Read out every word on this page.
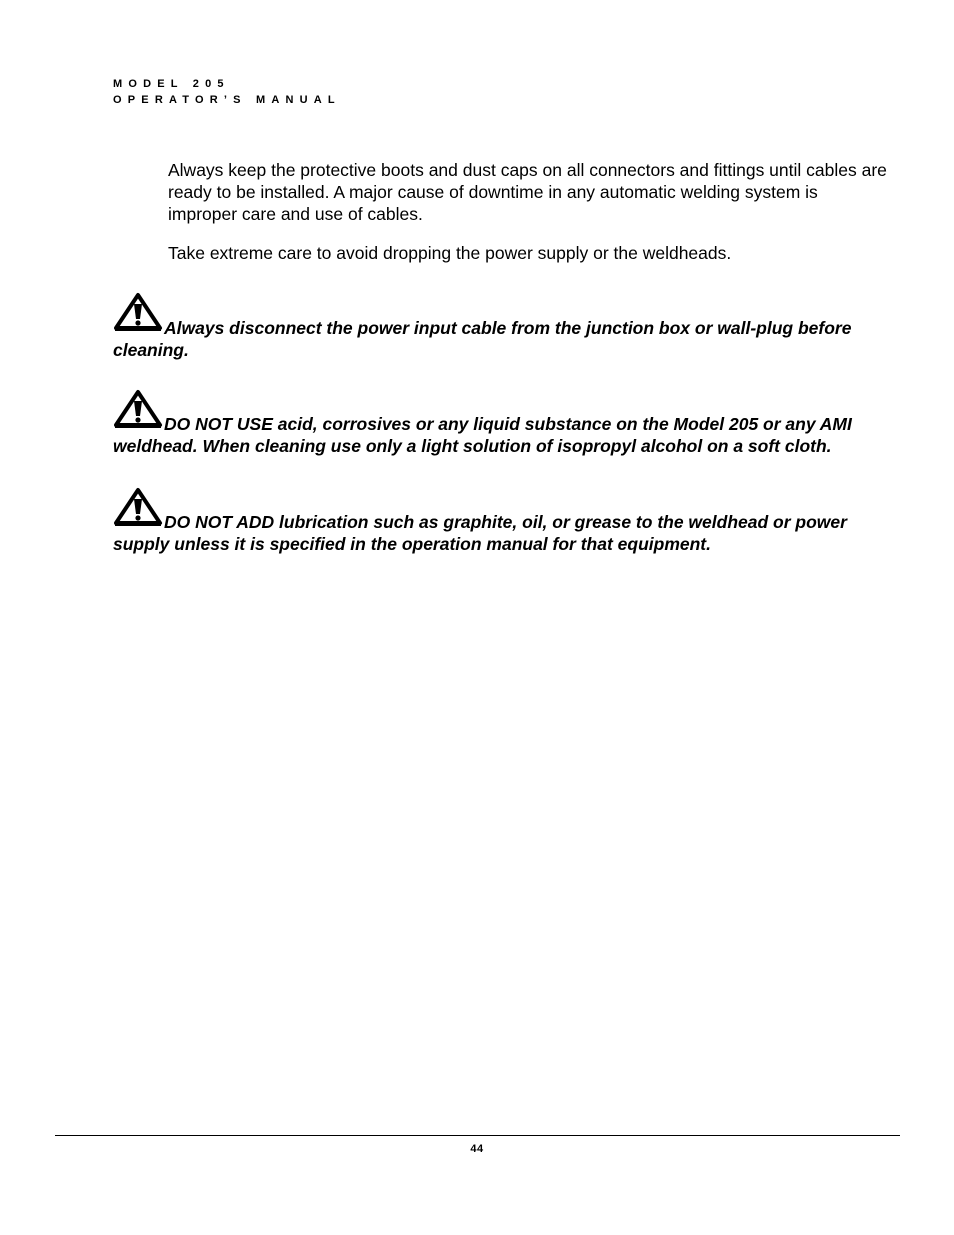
MODEL 205
OPERATOR’S MANUAL

Always keep the protective boots and dust caps on all connectors and fittings until cables are ready to be installed. A major cause of downtime in any automatic welding system is improper care and use of cables.

Take extreme care to avoid dropping the power supply or the weldheads.

Always disconnect the power input cable from the junction box or wall-plug before cleaning.

DO NOT USE acid, corrosives or any liquid substance on the Model 205 or any AMI weldhead. When cleaning use only a light solution of isopropyl alcohol on a soft cloth.

DO NOT ADD lubrication such as graphite, oil, or grease to the weldhead or power supply unless it is specified in the operation manual for that equipment.

44
